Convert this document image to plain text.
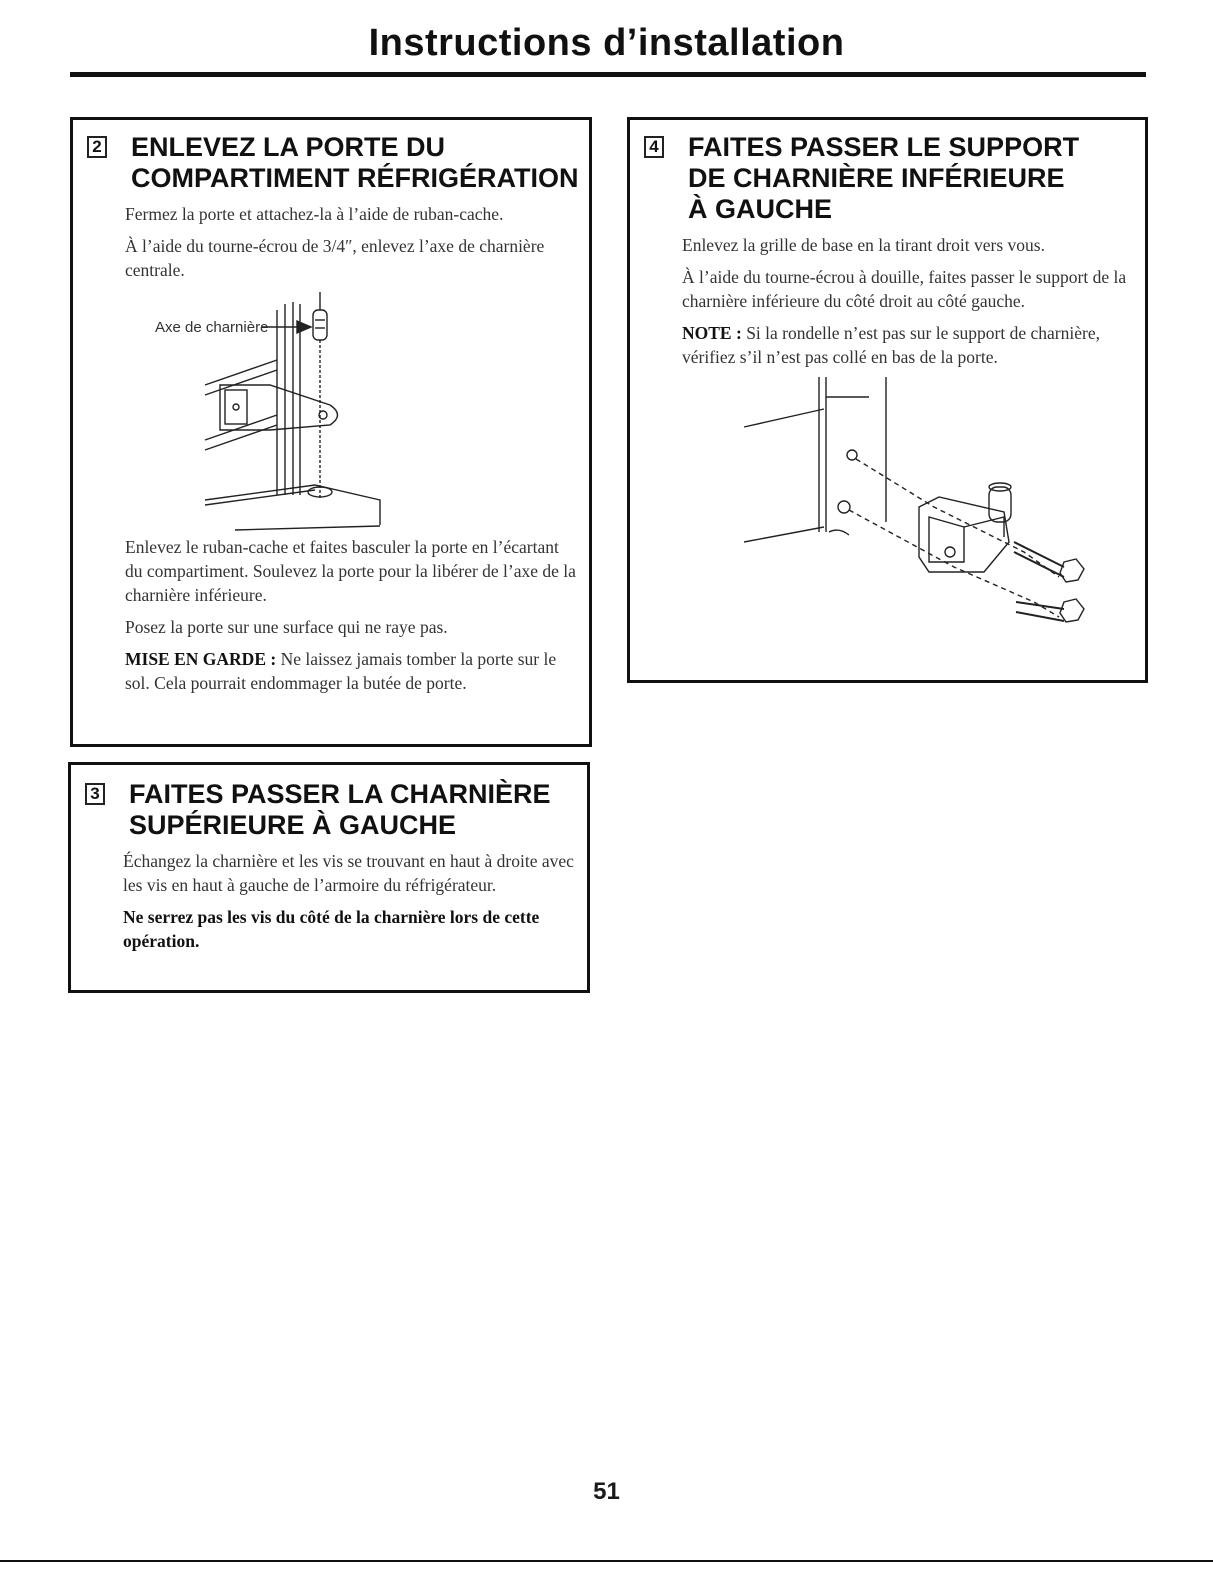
Instructions d’installation
2 ENLEVEZ LA PORTE DU
COMPARTIMENT RÉFRIGÉRATION

Fermez la porte et attachez-la à l’aide de ruban-cache.

À l’aide du tourne-écrou de 3/4″, enlevez l’axe de charnière centrale.

Axe de charnière

Enlevez le ruban-cache et faites basculer la porte en l’écartant du compartiment. Soulevez la porte pour la libérer de l’axe de la charnière inférieure.

Posez la porte sur une surface qui ne raye pas.

MISE EN GARDE : Ne laissez jamais tomber la porte sur le sol. Cela pourrait endommager la butée de porte.

4 FAITES PASSER LE SUPPORT
DE CHARNIÈRE INFÉRIEURE
À GAUCHE

Enlevez la grille de base en la tirant droit vers vous.

À l’aide du tourne-écrou à douille, faites passer le support de la charnière inférieure du côté droit au côté gauche.

NOTE : Si la rondelle n’est pas sur le support de charnière, vérifiez s’il n’est pas collé en bas de la porte.

3 FAITES PASSER LA CHARNIÈRE
SUPÉRIEURE À GAUCHE

Échangez la charnière et les vis se trouvant en haut à droite avec les vis en haut à gauche de l’armoire du réfrigérateur.

Ne serrez pas les vis du côté de la charnière lors de cette opération.

51
